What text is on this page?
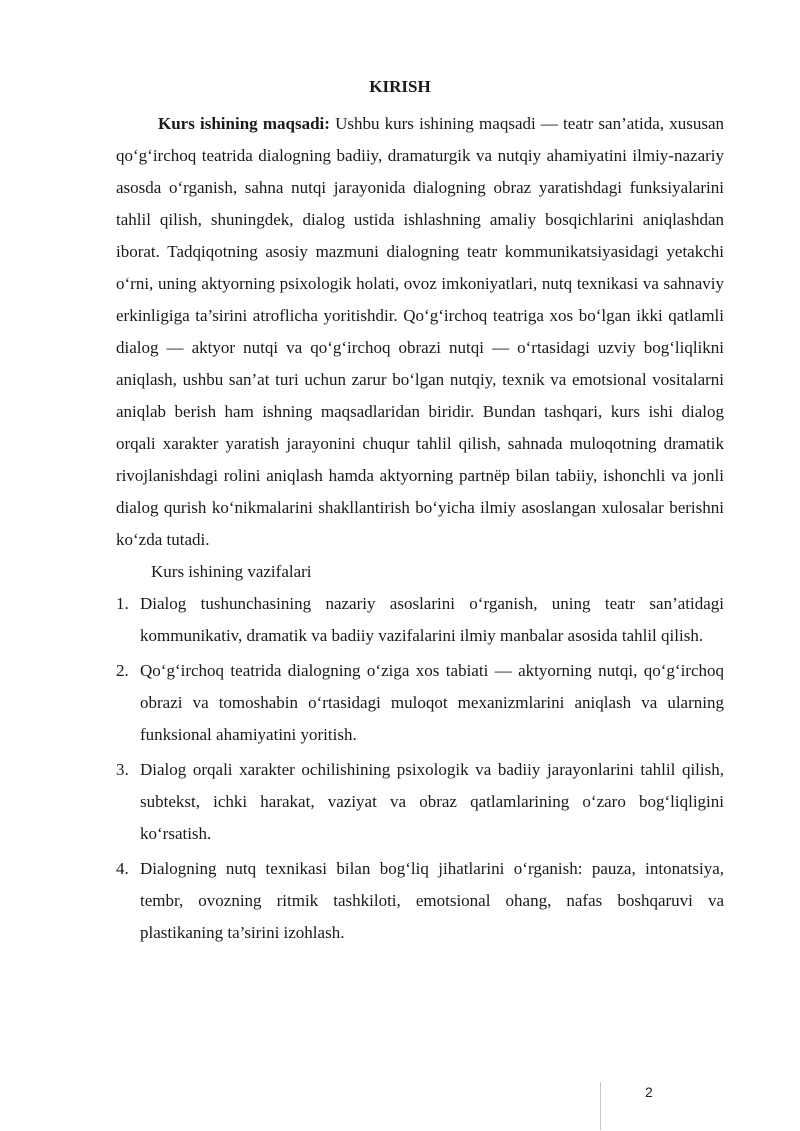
KIRISH

Kurs ishining maqsadi: Ushbu kurs ishining maqsadi — teatr san’atida, xususan qo‘g‘irchoq teatrida dialogning badiiy, dramaturgik va nutqiy ahamiyatini ilmiy-nazariy asosda o‘rganish, sahna nutqi jarayonida dialogning obraz yaratishdagi funksiyalarini tahlil qilish, shuningdek, dialog ustida ishlashning amaliy bosqichlarini aniqlashdan iborat. Tadqiqotning asosiy mazmuni dialogning teatr kommunikatsiyasidagi yetakchi o‘rni, uning aktyorning psixologik holati, ovoz imkoniyatlari, nutq texnikasi va sahnaviy erkinligiga ta’sirini atroflicha yoritishdir. Qo‘g‘irchoq teatriga xos bo‘lgan ikki qatlamli dialog — aktyor nutqi va qo‘g‘irchoq obrazi nutqi — o‘rtasidagi uzviy bog‘liqlikni aniqlash, ushbu san’at turi uchun zarur bo‘lgan nutqiy, texnik va emotsional vositalarni aniqlab berish ham ishning maqsadlaridan biridir. Bundan tashqari, kurs ishi dialog orqali xarakter yaratish jarayonini chuqur tahlil qilish, sahnada muloqotning dramatik rivojlanishdagi rolini aniqlash hamda aktyorning partnёp bilan tabiiy, ishonchli va jonli dialog qurish ko‘nikmalarini shakllantirish bo‘yicha ilmiy asoslangan xulosalar berishni ko‘zda tutadi.

Kurs ishining vazifalari

1. Dialog tushunchasining nazariy asoslarini o‘rganish, uning teatr san’atidagi kommunikativ, dramatik va badiiy vazifalarini ilmiy manbalar asosida tahlil qilish.
2. Qo‘g‘irchoq teatrida dialogning o‘ziga xos tabiati — aktyorning nutqi, qo‘g‘irchoq obrazi va tomoshabin o‘rtasidagi muloqot mexanizmlarini aniqlash va ularning funksional ahamiyatini yoritish.
3. Dialog orqali xarakter ochilishining psixologik va badiiy jarayonlarini tahlil qilish, subtekst, ichki harakat, vaziyat va obraz qatlamlarining o‘zaro bog‘liqligini ko‘rsatish.
4. Dialogning nutq texnikasi bilan bog‘liq jihatlarini o‘rganish: pauza, intonatsiya, tembr, ovozning ritmik tashkiloti, emotsional ohang, nafas boshqaruvi va plastikaning ta’sirini izohlash.
2
